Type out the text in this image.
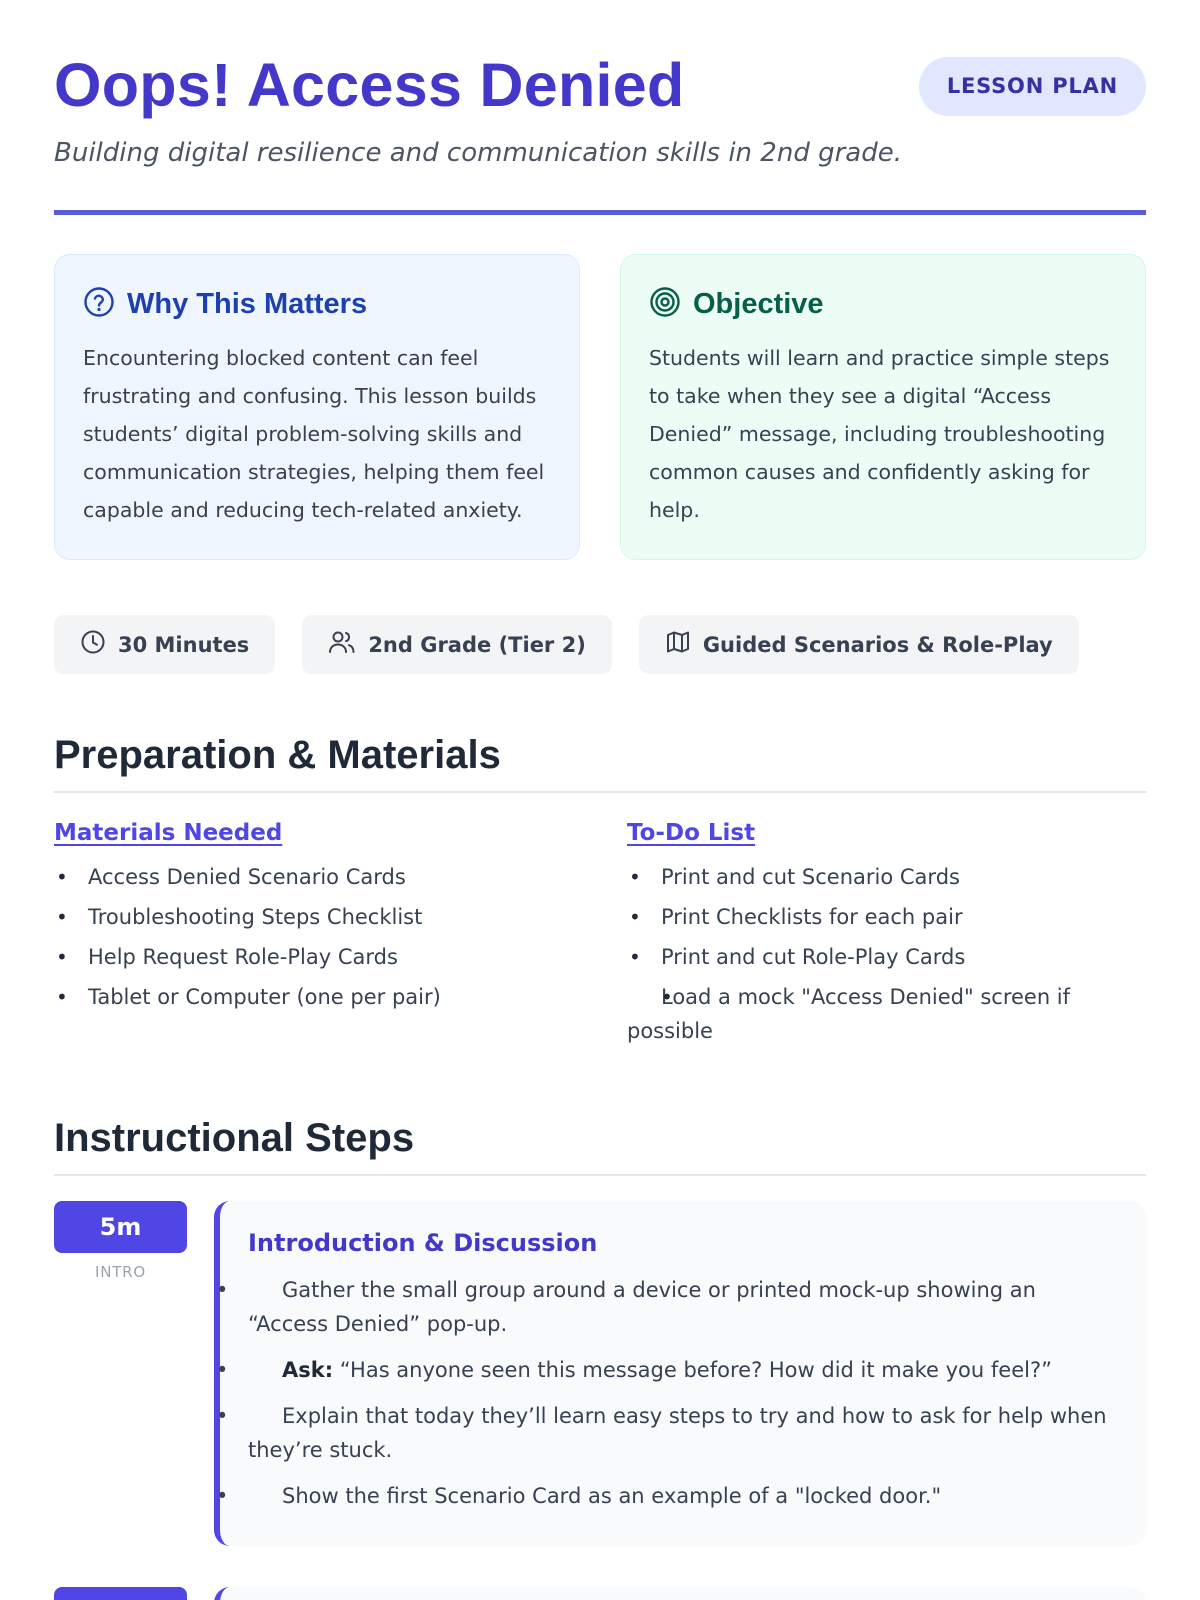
Oops! Access Denied	LESSON PLAN

Building digital resilience and communication skills in 2nd grade.

Why This Matters

Encountering blocked content can feel frustrating and confusing. This lesson builds students’ digital problem-solving skills and communication strategies, helping them feel capable and reducing tech-related anxiety.

Objective

Students will learn and practice simple steps to take when they see a digital “Access Denied” message, including troubleshooting common causes and confidently asking for help.

30 Minutes	2nd Grade (Tier 2)	Guided Scenarios & Role-Play
Preparation & Materials
Materials Needed
• Access Denied Scenario Cards
• Troubleshooting Steps Checklist
• Help Request Role-Play Cards
• Tablet or Computer (one per pair)
To-Do List
• Print and cut Scenario Cards
• Print Checklists for each pair
• Print and cut Role-Play Cards
• Load a mock "Access Denied" screen if possible
Instructional Steps
5m
INTRO
Introduction & Discussion
• Gather the small group around a device or printed mock-up showing an “Access Denied” pop-up.
• Ask: “Has anyone seen this message before? How did it make you feel?”
• Explain that today they’ll learn easy steps to try and how to ask for help when they’re stuck.
• Show the first Scenario Card as an example of a "locked door."
